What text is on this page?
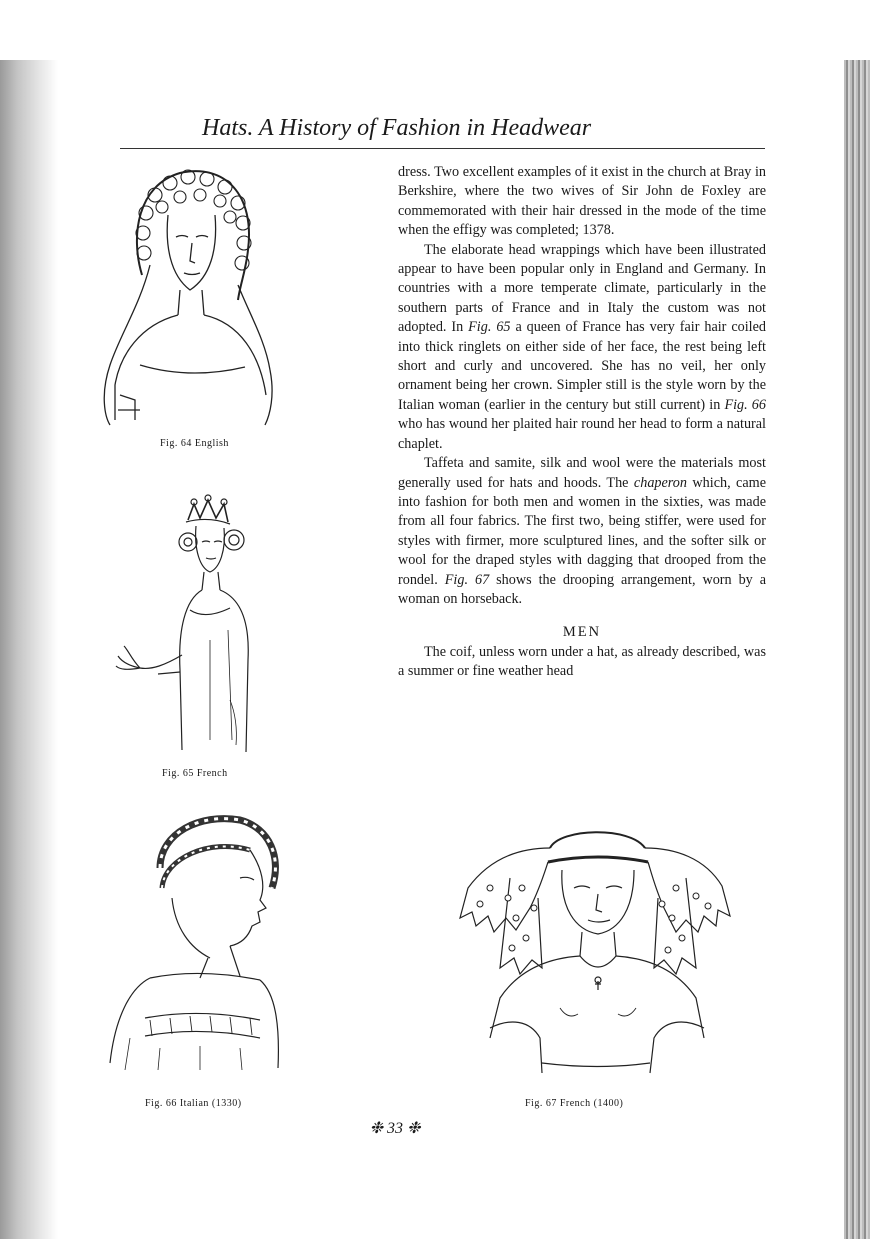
Hats. A History of Fashion in Headwear
Fig. 64 English
Fig. 65 French
Fig. 66 Italian (1330)	Fig. 67 French (1400)

dress. Two excellent examples of it exist in the church at Bray in Berkshire, where the two wives of Sir John de Foxley are commemorated with their hair dressed in the mode of the time when the effigy was completed; 1378.

The elaborate head wrappings which have been illustrated appear to have been popular only in England and Germany. In countries with a more temperate climate, particularly in the southern parts of France and in Italy the custom was not adopted. In Fig. 65 a queen of France has very fair hair coiled into thick ringlets on either side of her face, the rest being left short and curly and uncovered. She has no veil, her only ornament being her crown. Simpler still is the style worn by the Italian woman (earlier in the century but still current) in Fig. 66 who has wound her plaited hair round her head to form a natural chaplet.

Taffeta and samite, silk and wool were the materials most generally used for hats and hoods. The chaperon which, came into fashion for both men and women in the sixties, was made from all four fabrics. The first two, being stiffer, were used for styles with firmer, more sculptured lines, and the softer silk or wool for the draped styles with dagging that drooped from the rondel. Fig. 67 shows the drooping arrangement, worn by a woman on horseback.

MEN

The coif, unless worn under a hat, as already described, was a summer or fine weather head

❉ 33 ❉
